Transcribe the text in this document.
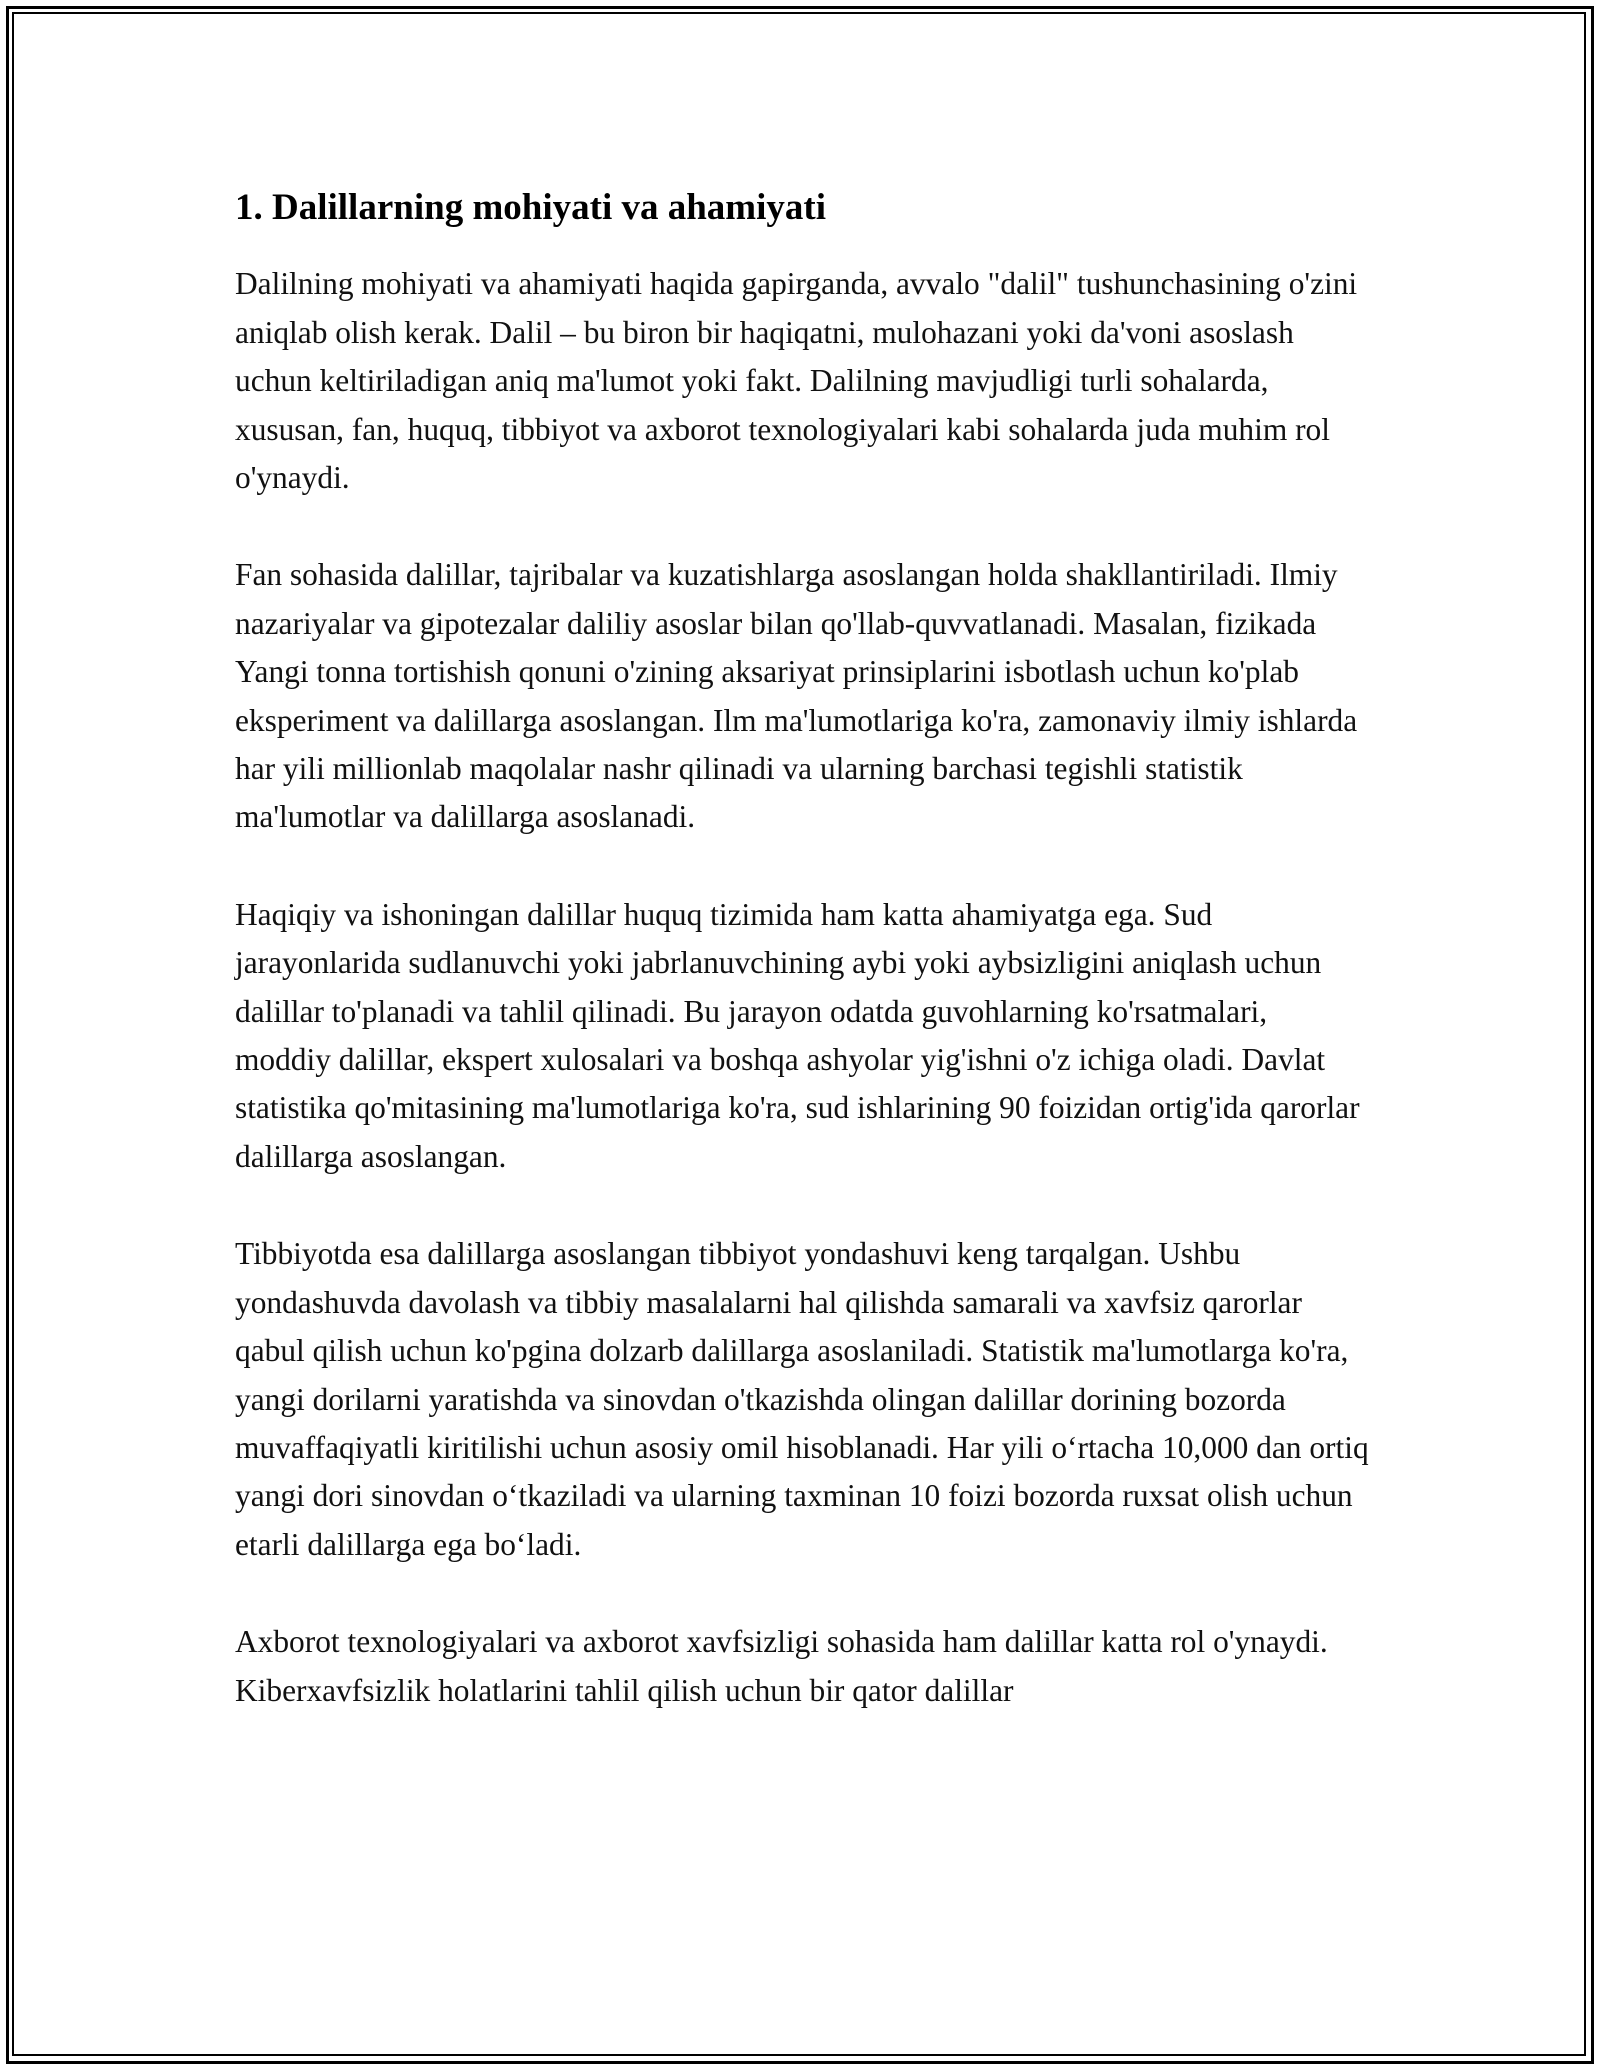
1. Dalillarning mohiyati va ahamiyati

Dalilning mohiyati va ahamiyati haqida gapirganda, avvalo "dalil" tushunchasining o'zini aniqlab olish kerak. Dalil – bu biron bir haqiqatni, mulohazani yoki da'voni asoslash uchun keltiriladigan aniq ma'lumot yoki fakt. Dalilning mavjudligi turli sohalarda, xususan, fan, huquq, tibbiyot va axborot texnologiyalari kabi sohalarda juda muhim rol o'ynaydi.

Fan sohasida dalillar, tajribalar va kuzatishlarga asoslangan holda shakllantiriladi. Ilmiy nazariyalar va gipotezalar daliliy asoslar bilan qo'llab-quvvatlanadi. Masalan, fizikada Yangi tonna tortishish qonuni o'zining aksariyat prinsiplarini isbotlash uchun ko'plab eksperiment va dalillarga asoslangan. Ilm ma'lumotlariga ko'ra, zamonaviy ilmiy ishlarda har yili millionlab maqolalar nashr qilinadi va ularning barchasi tegishli statistik ma'lumotlar va dalillarga asoslanadi.

Haqiqiy va ishoningan dalillar huquq tizimida ham katta ahamiyatga ega. Sud jarayonlarida sudlanuvchi yoki jabrlanuvchining aybi yoki aybsizligini aniqlash uchun dalillar to'planadi va tahlil qilinadi. Bu jarayon odatda guvohlarning ko'rsatmalari, moddiy dalillar, ekspert xulosalari va boshqa ashyolar yig'ishni o'z ichiga oladi. Davlat statistika qo'mitasining ma'lumotlariga ko'ra, sud ishlarining 90 foizidan ortig'ida qarorlar dalillarga asoslangan.

Tibbiyotda esa dalillarga asoslangan tibbiyot yondashuvi keng tarqalgan. Ushbu yondashuvda davolash va tibbiy masalalarni hal qilishda samarali va xavfsiz qarorlar qabul qilish uchun ko'pgina dolzarb dalillarga asoslaniladi. Statistik ma'lumotlarga ko'ra, yangi dorilarni yaratishda va sinovdan o'tkazishda olingan dalillar dorining bozorda muvaffaqiyatli kiritilishi uchun asosiy omil hisoblanadi. Har yili o‘rtacha 10,000 dan ortiq yangi dori sinovdan o‘tkaziladi va ularning taxminan 10 foizi bozorda ruxsat olish uchun etarli dalillarga ega bo‘ladi.

Axborot texnologiyalari va axborot xavfsizligi sohasida ham dalillar katta rol o'ynaydi. Kiberxavfsizlik holatlarini tahlil qilish uchun bir qator dalillar
